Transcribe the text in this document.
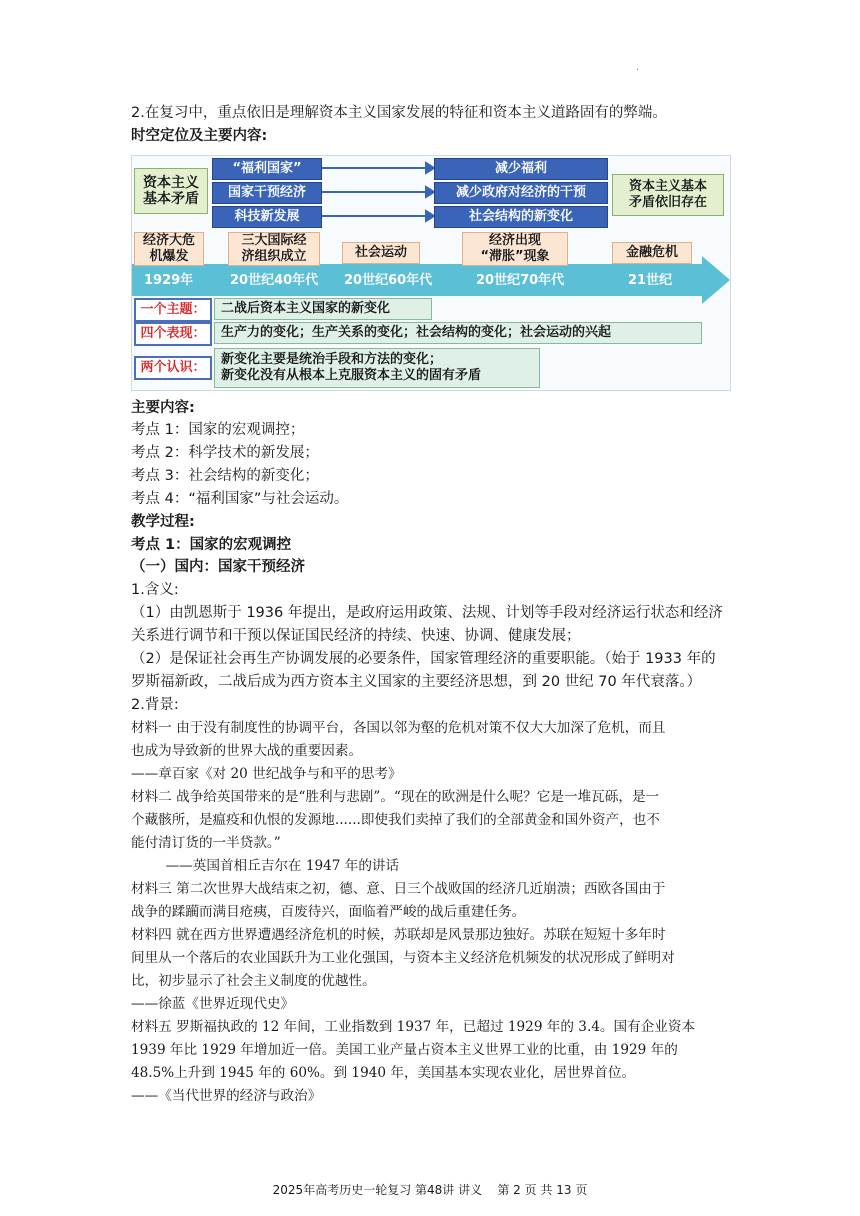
.
2.在复习中，重点依旧是理解资本主义国家发展的特征和资本主义道路固有的弊端。
时空定位及主要内容:
资本主义
基本矛盾
“福利国家”
国家干预经济
科技新发展
减少福利
减少政府对经济的干预
社会结构的新变化
资本主义基本
矛盾依旧存在
经济大危
机爆发
三大国际经
济组织成立	社会运动
经济出现
“滞胀”现象	金融危机
1929年	20世纪40年代 20世纪60年代	20世纪70年代	21世纪
一个主题：
四个表现：
两个认识：
二战后资本主义国家的新变化
生产力的变化；生产关系的变化；社会结构的变化；社会运动的兴起
新变化主要是统治手段和方法的变化；
新变化没有从根本上克服资本主义的固有矛盾
主要内容:
考点 1：国家的宏观调控；
考点 2：科学技术的新发展；
考点 3：社会结构的新变化；
考点 4：“福利国家”与社会运动。
教学过程:
考点 1：国家的宏观调控
（一）国内：国家干预经济
1.含义:
（1）由凯恩斯于 1936 年提出，是政府运用政策、法规、计划等手段对经济运行状态和经济
关系进行调节和干预以保证国民经济的持续、快速、协调、健康发展；
（2）是保证社会再生产协调发展的必要条件，国家管理经济的重要职能。（始于 1933 年的
罗斯福新政，二战后成为西方资本主义国家的主要经济思想，到 20 世纪 70 年代衰落。）
2.背景:
材料一 由于没有制度性的协调平台，各国以邻为壑的危机对策不仅大大加深了危机，而且
也成为导致新的世界大战的重要因素。
——章百家《对 20 世纪战争与和平的思考》
材料二 战争给英国带来的是“胜利与悲剧”。“现在的欧洲是什么呢？它是一堆瓦砾，是一
个藏骸所，是瘟疫和仇恨的发源地......即使我们卖掉了我们的全部黄金和国外资产，也不
能付清订货的一半贷款。”
——英国首相丘吉尔在 1947 年的讲话
材料三 第二次世界大战结束之初，德、意、日三个战败国的经济几近崩溃；西欧各国由于
战争的蹂躏而满目疮痍，百废待兴，面临着严峻的战后重建任务。
材料四 就在西方世界遭遇经济危机的时候，苏联却是风景那边独好。苏联在短短十多年时
间里从一个落后的农业国跃升为工业化强国，与资本主义经济危机频发的状况形成了鲜明对
比，初步显示了社会主义制度的优越性。
——徐蓝《世界近现代史》
材料五 罗斯福执政的 12 年间，工业指数到 1937 年，已超过 1929 年的 3.4。国有企业资本
1939 年比 1929 年增加近一倍。美国工业产量占资本主义世界工业的比重，由 1929 年的
48.5%上升到 1945 年的 60%。到 1940 年，美国基本实现农业化，居世界首位。
——《当代世界的经济与政治》
2025年高考历史一轮复习 第48讲 讲义    第 2 页 共 13 页
